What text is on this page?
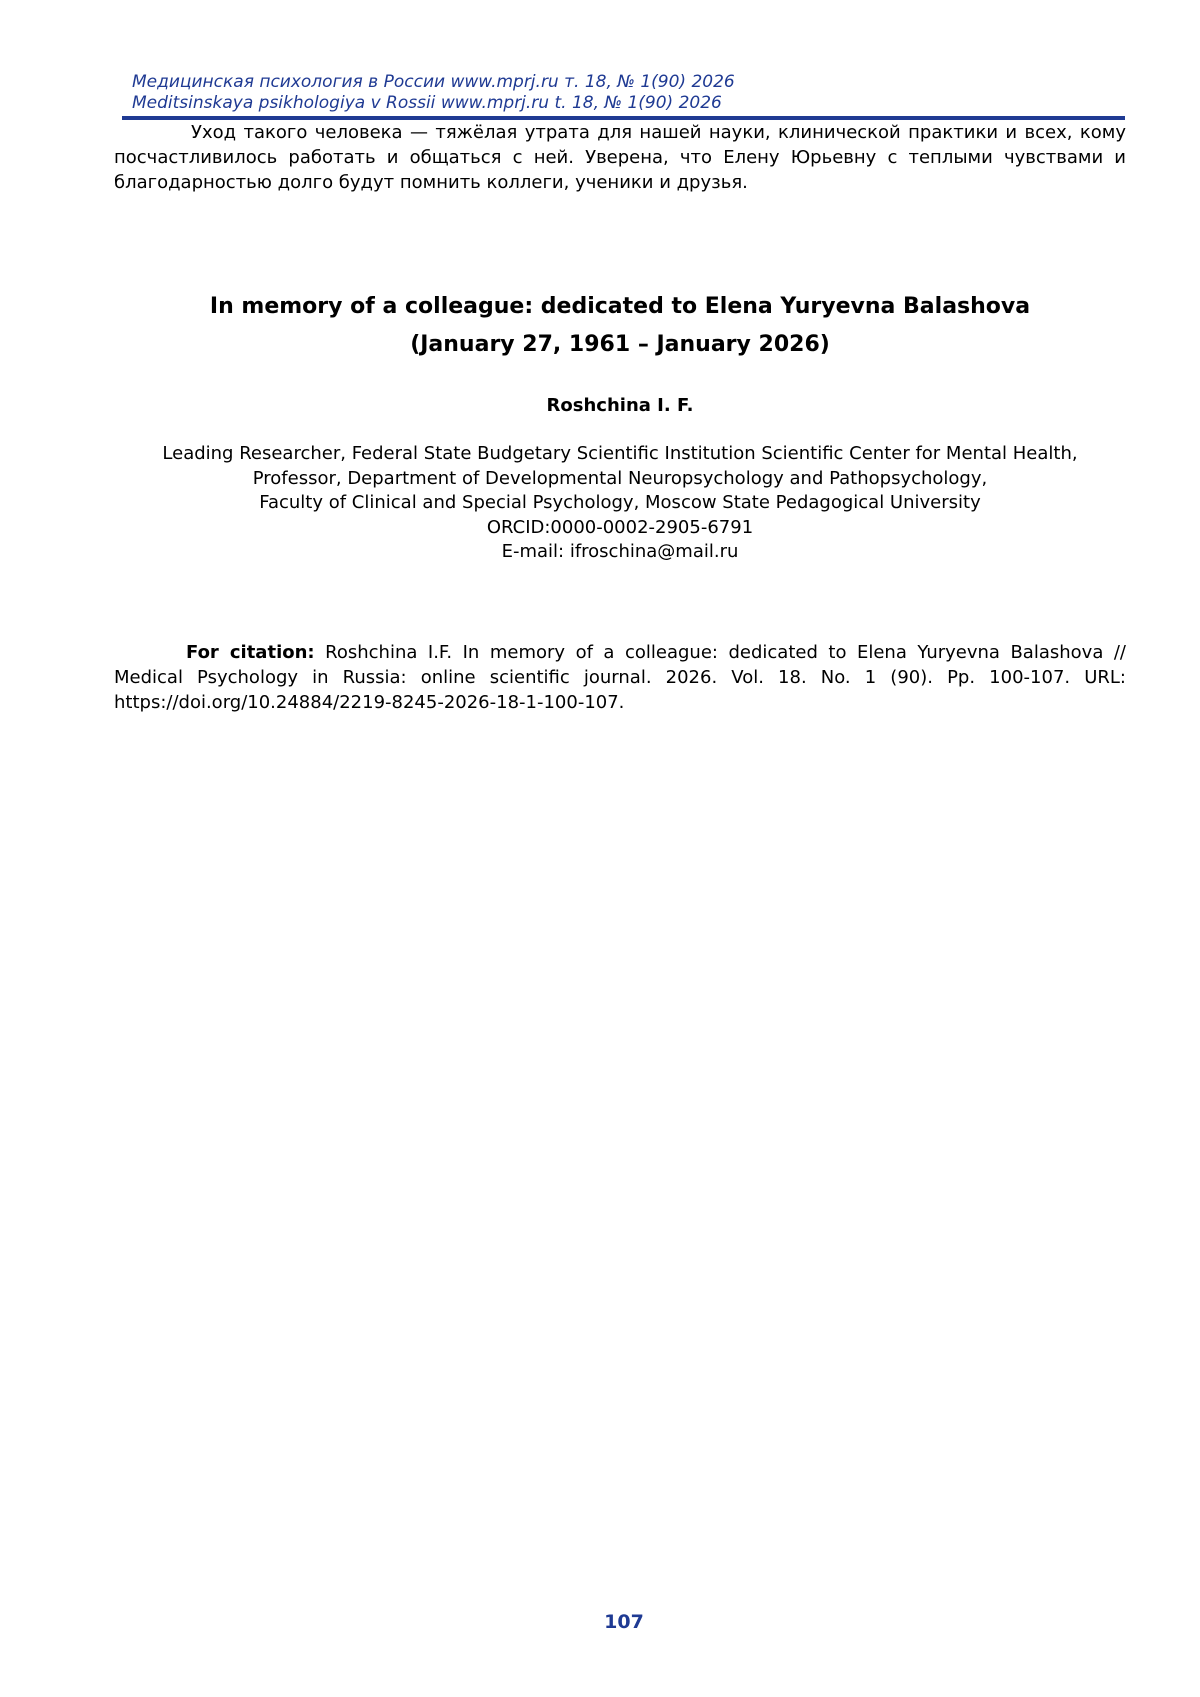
Медицинская психология в России www.mprj.ru т. 18, № 1(90) 2026
Meditsinskaya psikhologiya v Rossii www.mprj.ru t. 18, № 1(90) 2026

Уход такого человека — тяжёлая утрата для нашей науки, клинической практики и всех, кому посчастливилось работать и общаться с ней. Уверена, что Елену Юрьевну с теплыми чувствами и благодарностью долго будут помнить коллеги, ученики и друзья.

In memory of a colleague: dedicated to Elena Yuryevna Balashova
(January 27, 1961 – January 2026)
Roshchina I. F.
Leading Researcher, Federal State Budgetary Scientific Institution Scientific Center for Mental Health,
Professor, Department of Developmental Neuropsychology and Pathopsychology,
Faculty of Clinical and Special Psychology, Moscow State Pedagogical University
ORCID:0000-0002-2905-6791
E-mail: ifroschina@mail.ru

For citation: Roshchina I.F. In memory of a colleague: dedicated to Elena Yuryevna Balashova // Medical Psychology in Russia: online scientific journal. 2026. Vol. 18. No. 1 (90). Pp. 100-107. URL: https://doi.org/10.24884/2219-8245-2026-18-1-100-107.

107
